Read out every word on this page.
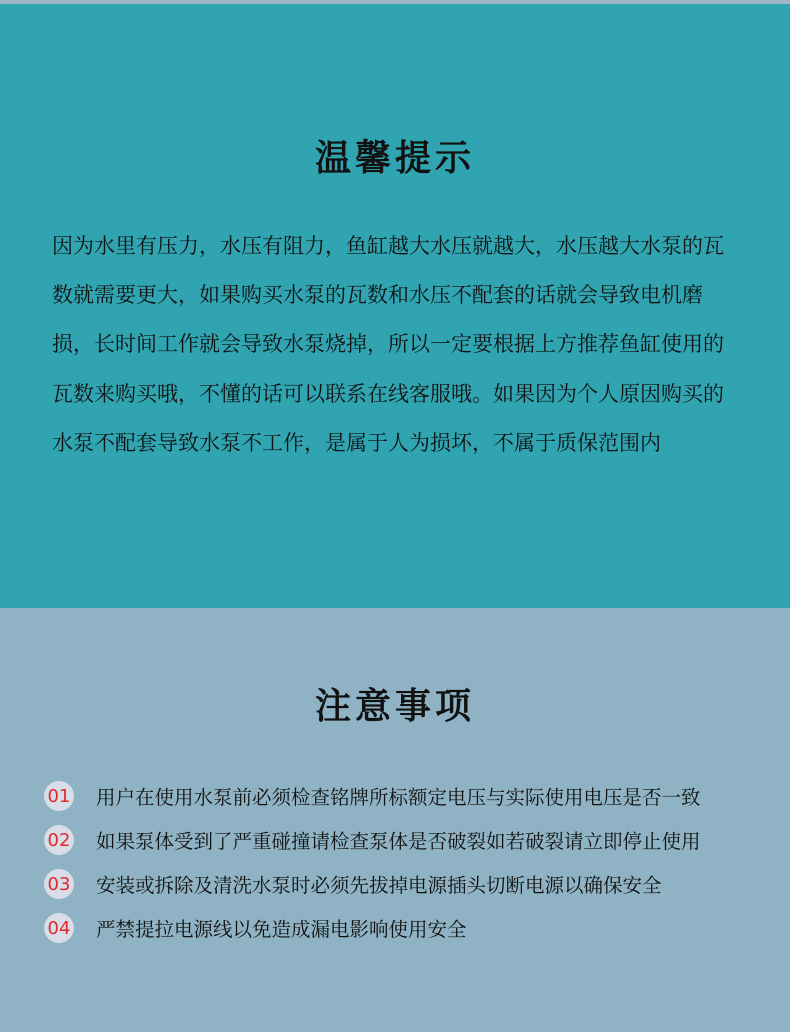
温馨提示

因为水里有压力，水压有阻力，鱼缸越大水压就越大，水压越大水泵的瓦数就需要更大，如果购买水泵的瓦数和水压不配套的话就会导致电机磨损，长时间工作就会导致水泵烧掉，所以一定要根据上方推荐鱼缸使用的瓦数来购买哦，不懂的话可以联系在线客服哦。如果因为个人原因购买的水泵不配套导致水泵不工作，是属于人为损坏，不属于质保范围内

注意事项
01 用户在使用水泵前必须检查铭牌所标额定电压与实际使用电压是否一致
02 如果泵体受到了严重碰撞请检查泵体是否破裂如若破裂请立即停止使用
03 安装或拆除及清洗水泵时必须先拔掉电源插头切断电源以确保安全
04 严禁提拉电源线以免造成漏电影响使用安全
